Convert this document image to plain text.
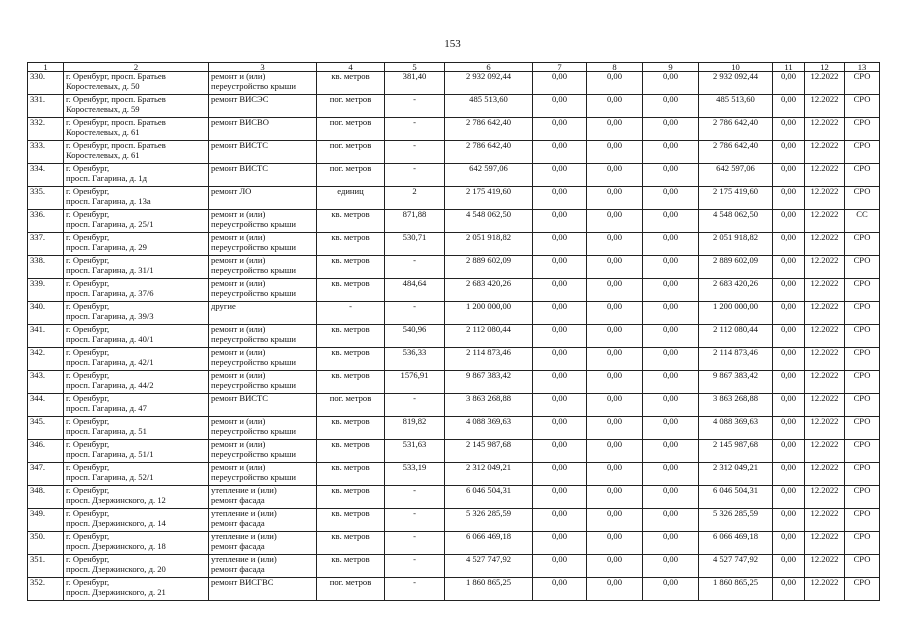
153
1	2	3	4	5	6	7	8	9	10	11	12	13

330.	г. Оренбург, просп. Братьев
Коростелевых, д. 50	ремонт и (или)
переустройство крыши	кв. метров	381,40	2 932 092,44	0,00	0,00	0,00	2 932 092,44	0,00	12.2022	СРО

331.	г. Оренбург, просп. Братьев
Коростелевых, д. 59	ремонт ВИСЭС	пог. метров	-	485 513,60	0,00	0,00	0,00	485 513,60	0,00	12.2022	СРО

332.	г. Оренбург, просп. Братьев
Коростелевых, д. 61	ремонт ВИСВО	пог. метров	-	2 786 642,40	0,00	0,00	0,00	2 786 642,40	0,00	12.2022	СРО

333.	г. Оренбург, просп. Братьев
Коростелевых, д. 61	ремонт ВИСТС	пог. метров	-	2 786 642,40	0,00	0,00	0,00	2 786 642,40	0,00	12.2022	СРО

334.	г. Оренбург,
просп. Гагарина, д. 1д	ремонт ВИСТС	пог. метров	-	642 597,06	0,00	0,00	0,00	642 597,06	0,00	12.2022	СРО

335.	г. Оренбург,
просп. Гагарина, д. 13а	ремонт ЛО	единиц	2	2 175 419,60	0,00	0,00	0,00	2 175 419,60	0,00	12.2022	СРО

336.	г. Оренбург,
просп. Гагарина, д. 25/1	ремонт и (или)
переустройство крыши	кв. метров	871,88	4 548 062,50	0,00	0,00	0,00	4 548 062,50	0,00	12.2022	СС

337.	г. Оренбург,
просп. Гагарина, д. 29	ремонт и (или)
переустройство крыши	кв. метров	530,71	2 051 918,82	0,00	0,00	0,00	2 051 918,82	0,00	12.2022	СРО

338.	г. Оренбург,
просп. Гагарина, д. 31/1	ремонт и (или)
переустройство крыши	кв. метров	-	2 889 602,09	0,00	0,00	0,00	2 889 602,09	0,00	12.2022	СРО

339.	г. Оренбург,
просп. Гагарина, д. 37/6	ремонт и (или)
переустройство крыши	кв. метров	484,64	2 683 420,26	0,00	0,00	0,00	2 683 420,26	0,00	12.2022	СРО

340.	г. Оренбург,
просп. Гагарина, д. 39/3	другие	-	-	1 200 000,00	0,00	0,00	0,00	1 200 000,00	0,00	12.2022	СРО

341.	г. Оренбург,
просп. Гагарина, д. 40/1	ремонт и (или)
переустройство крыши	кв. метров	540,96	2 112 080,44	0,00	0,00	0,00	2 112 080,44	0,00	12.2022	СРО

342.	г. Оренбург,
просп. Гагарина, д. 42/1	ремонт и (или)
переустройство крыши	кв. метров	536,33	2 114 873,46	0,00	0,00	0,00	2 114 873,46	0,00	12.2022	СРО

343.	г. Оренбург,
просп. Гагарина, д. 44/2	ремонт и (или)
переустройство крыши	кв. метров	1576,91	9 867 383,42	0,00	0,00	0,00	9 867 383,42	0,00	12.2022	СРО

344.	г. Оренбург,
просп. Гагарина, д. 47	ремонт ВИСТС	пог. метров	-	3 863 268,88	0,00	0,00	0,00	3 863 268,88	0,00	12.2022	СРО

345.	г. Оренбург,
просп. Гагарина, д. 51	ремонт и (или)
переустройство крыши	кв. метров	819,82	4 088 369,63	0,00	0,00	0,00	4 088 369,63	0,00	12.2022	СРО

346.	г. Оренбург,
просп. Гагарина, д. 51/1	ремонт и (или)
переустройство крыши	кв. метров	531,63	2 145 987,68	0,00	0,00	0,00	2 145 987,68	0,00	12.2022	СРО

347.	г. Оренбург,
просп. Гагарина, д. 52/1	ремонт и (или)
переустройство крыши	кв. метров	533,19	2 312 049,21	0,00	0,00	0,00	2 312 049,21	0,00	12.2022	СРО

348.	г. Оренбург,
просп. Дзержинского, д. 12	утепление и (или)
ремонт фасада	кв. метров	-	6 046 504,31	0,00	0,00	0,00	6 046 504,31	0,00	12.2022	СРО

349.	г. Оренбург,
просп. Дзержинского, д. 14	утепление и (или)
ремонт фасада	кв. метров	-	5 326 285,59	0,00	0,00	0,00	5 326 285,59	0,00	12.2022	СРО

350.	г. Оренбург,
просп. Дзержинского, д. 18	утепление и (или)
ремонт фасада	кв. метров	-	6 066 469,18	0,00	0,00	0,00	6 066 469,18	0,00	12.2022	СРО

351.	г. Оренбург,
просп. Дзержинского, д. 20	утепление и (или)
ремонт фасада	кв. метров	-	4 527 747,92	0,00	0,00	0,00	4 527 747,92	0,00	12.2022	СРО

352.	г. Оренбург,
просп. Дзержинского, д. 21	ремонт ВИСГВС	пог. метров	-	1 860 865,25	0,00	0,00	0,00	1 860 865,25	0,00	12.2022	СРО
